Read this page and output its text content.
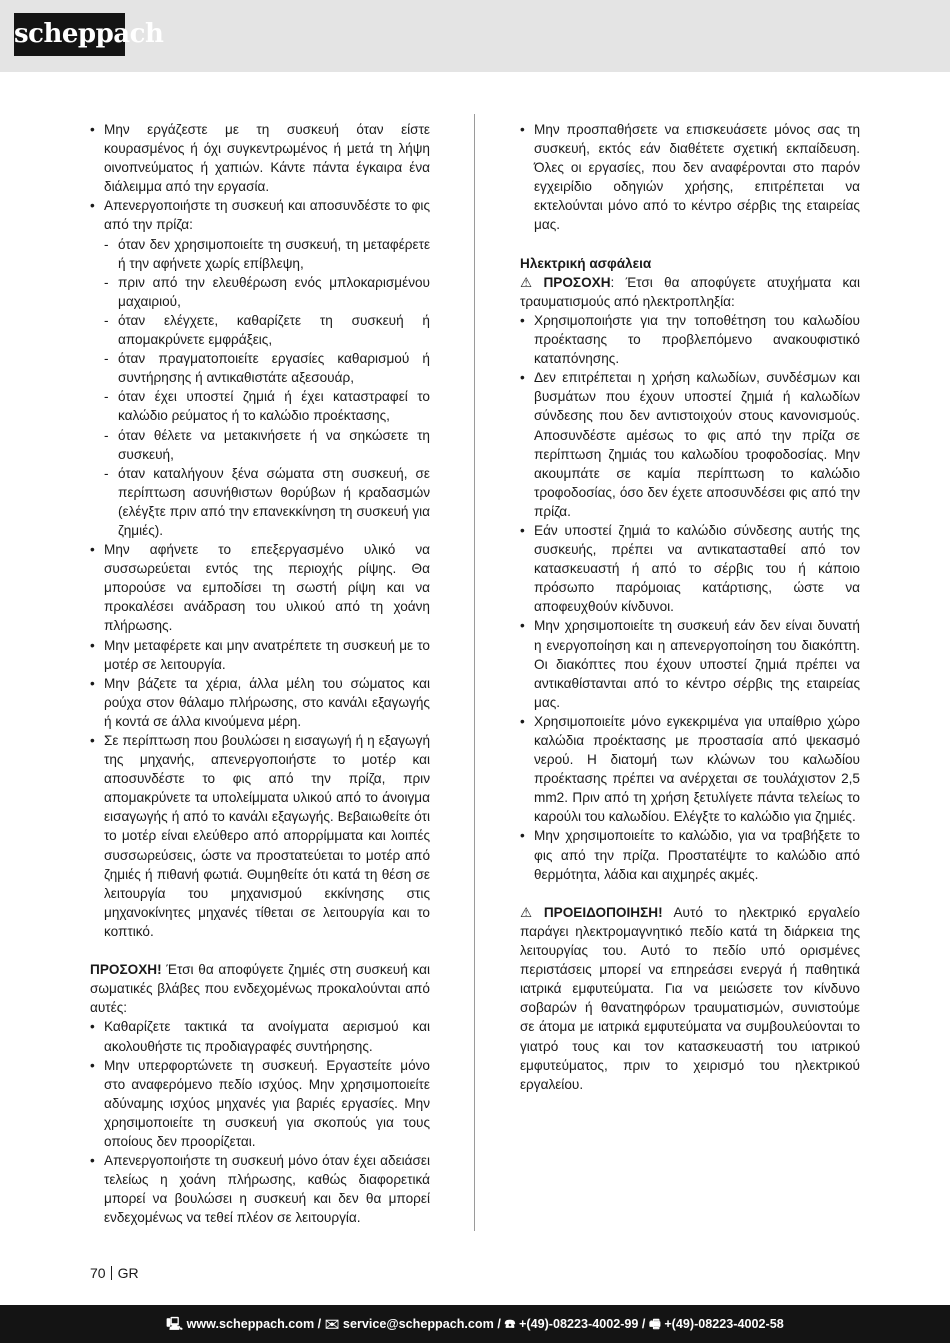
scheppach
• Μην εργάζεστε με τη συσκευή όταν είστε κουρασμένος ή όχι συγκεντρωμένος ή μετά τη λήψη οινοπνεύματος ή χαπιών. Κάντε πάντα έγκαιρα ένα διάλειμμα από την εργασία.
• Απενεργοποιήστε τη συσκευή και αποσυνδέστε το φις από την πρίζα:
- όταν δεν χρησιμοποιείτε τη συσκευή, τη μεταφέρετε ή την αφήνετε χωρίς επίβλεψη,
- πριν από την ελευθέρωση ενός μπλοκαρισμένου μαχαιριού,
- όταν ελέγχετε, καθαρίζετε τη συσκευή ή απομακρύνετε εμφράξεις,
- όταν πραγματοποιείτε εργασίες καθαρισμού ή συντήρησης ή αντικαθιστάτε αξεσουάρ,
- όταν έχει υποστεί ζημιά ή έχει καταστραφεί το καλώδιο ρεύματος ή το καλώδιο προέκτασης,
- όταν θέλετε να μετακινήσετε ή να σηκώσετε τη συσκευή,
- όταν καταλήγουν ξένα σώματα στη συσκευή, σε περίπτωση ασυνήθιστων θορύβων ή κραδασμών (ελέγξτε πριν από την επανεκκίνηση τη συσκευή για ζημιές).
• Μην αφήνετε το επεξεργασμένο υλικό να συσσωρεύεται εντός της περιοχής ρίψης. Θα μπορούσε να εμποδίσει τη σωστή ρίψη και να προκαλέσει ανάδραση του υλικού από τη χοάνη πλήρωσης.
• Μην μεταφέρετε και μην ανατρέπετε τη συσκευή με το μοτέρ σε λειτουργία.
• Μην βάζετε τα χέρια, άλλα μέλη του σώματος και ρούχα στον θάλαμο πλήρωσης, στο κανάλι εξαγωγής ή κοντά σε άλλα κινούμενα μέρη.
• Σε περίπτωση που βουλώσει η εισαγωγή ή η εξαγωγή της μηχανής, απενεργοποιήστε το μοτέρ και αποσυνδέστε το φις από την πρίζα, πριν απομακρύνετε τα υπολείμματα υλικού από το άνοιγμα εισαγωγής ή από το κανάλι εξαγωγής. Βεβαιωθείτε ότι το μοτέρ είναι ελεύθερο από απορρίμματα και λοιπές συσσωρεύσεις, ώστε να προστατεύεται το μοτέρ από ζημιές ή πιθανή φωτιά. Θυμηθείτε ότι κατά τη θέση σε λειτουργία του μηχανισμού εκκίνησης στις μηχανοκίνητες μηχανές τίθεται σε λειτουργία και το κοπτικό.

ΠΡΟΣΟΧΗ! Έτσι θα αποφύγετε ζημιές στη συσκευή και σωματικές βλάβες που ενδεχομένως προκαλούνται από αυτές:

• Καθαρίζετε τακτικά τα ανοίγματα αερισμού και ακολουθήστε τις προδιαγραφές συντήρησης.
• Μην υπερφορτώνετε τη συσκευή. Εργαστείτε μόνο στο αναφερόμενο πεδίο ισχύος. Μην χρησιμοποιείτε αδύναμης ισχύος μηχανές για βαριές εργασίες. Μην χρησιμοποιείτε τη συσκευή για σκοπούς για τους οποίους δεν προορίζεται.
• Απενεργοποιήστε τη συσκευή μόνο όταν έχει αδειάσει τελείως η χοάνη πλήρωσης, καθώς διαφορετικά μπορεί να βουλώσει η συσκευή και δεν θα μπορεί ενδεχομένως να τεθεί πλέον σε λειτουργία.
• Μην προσπαθήσετε να επισκευάσετε μόνος σας τη συσκευή, εκτός εάν διαθέτετε σχετική εκπαίδευση. Όλες οι εργασίες, που δεν αναφέρονται στο παρόν εγχειρίδιο οδηγιών χρήσης, επιτρέπεται να εκτελούνται μόνο από το κέντρο σέρβις της εταιρείας μας.
Ηλεκτρική ασφάλεια

⚠ ΠΡΟΣΟΧΗ: Έτσι θα αποφύγετε ατυχήματα και τραυματισμούς από ηλεκτροπληξία:

• Χρησιμοποιήστε για την τοποθέτηση του καλωδίου προέκτασης το προβλεπόμενο ανακουφιστικό καταπόνησης.
• Δεν επιτρέπεται η χρήση καλωδίων, συνδέσμων και βυσμάτων που έχουν υποστεί ζημιά ή καλωδίων σύνδεσης που δεν αντιστοιχούν στους κανονισμούς. Αποσυνδέστε αμέσως το φις από την πρίζα σε περίπτωση ζημιάς του καλωδίου τροφοδοσίας. Μην ακουμπάτε σε καμία περίπτωση το καλώδιο τροφοδοσίας, όσο δεν έχετε αποσυνδέσει φις από την πρίζα.
• Εάν υποστεί ζημιά το καλώδιο σύνδεσης αυτής της συσκευής, πρέπει να αντικατασταθεί από τον κατασκευαστή ή από το σέρβις του ή κάποιο πρόσωπο παρόμοιας κατάρτισης, ώστε να αποφευχθούν κίνδυνοι.
• Μην χρησιμοποιείτε τη συσκευή εάν δεν είναι δυνατή η ενεργοποίηση και η απενεργοποίηση του διακόπτη. Οι διακόπτες που έχουν υποστεί ζημιά πρέπει να αντικαθίστανται από το κέντρο σέρβις της εταιρείας μας.
• Χρησιμοποιείτε μόνο εγκεκριμένα για υπαίθριο χώρο καλώδια προέκτασης με προστασία από ψεκασμό νερού. Η διατομή των κλώνων του καλωδίου προέκτασης πρέπει να ανέρχεται σε τουλάχιστον 2,5 mm2. Πριν από τη χρήση ξετυλίγετε πάντα τελείως το καρούλι του καλωδίου. Ελέγξτε το καλώδιο για ζημιές.
• Μην χρησιμοποιείτε το καλώδιο, για να τραβήξετε το φις από την πρίζα. Προστατέψτε το καλώδιο από θερμότητα, λάδια και αιχμηρές ακμές.

⚠ ΠΡΟΕΙΔΟΠΟΙΗΣΗ! Αυτό το ηλεκτρικό εργαλείο παράγει ηλεκτρομαγνητικό πεδίο κατά τη διάρκεια της λειτουργίας του. Αυτό το πεδίο υπό ορισμένες περιστάσεις μπορεί να επηρεάσει ενεργά ή παθητικά ιατρικά εμφυτεύματα. Για να μειώσετε τον κίνδυνο σοβαρών ή θανατηφόρων τραυματισμών, συνιστούμε σε άτομα με ιατρικά εμφυτεύματα να συμβουλεύονται το γιατρό τους και τον κατασκευαστή του ιατρικού εμφυτεύματος, πριν το χειρισμό του ηλεκτρικού εργαλείου.

70 GR
🖳 www.scheppach.com / ✉ service@scheppach.com / ☎ +(49)-08223-4002-99 / 🖷 +(49)-08223-4002-58
